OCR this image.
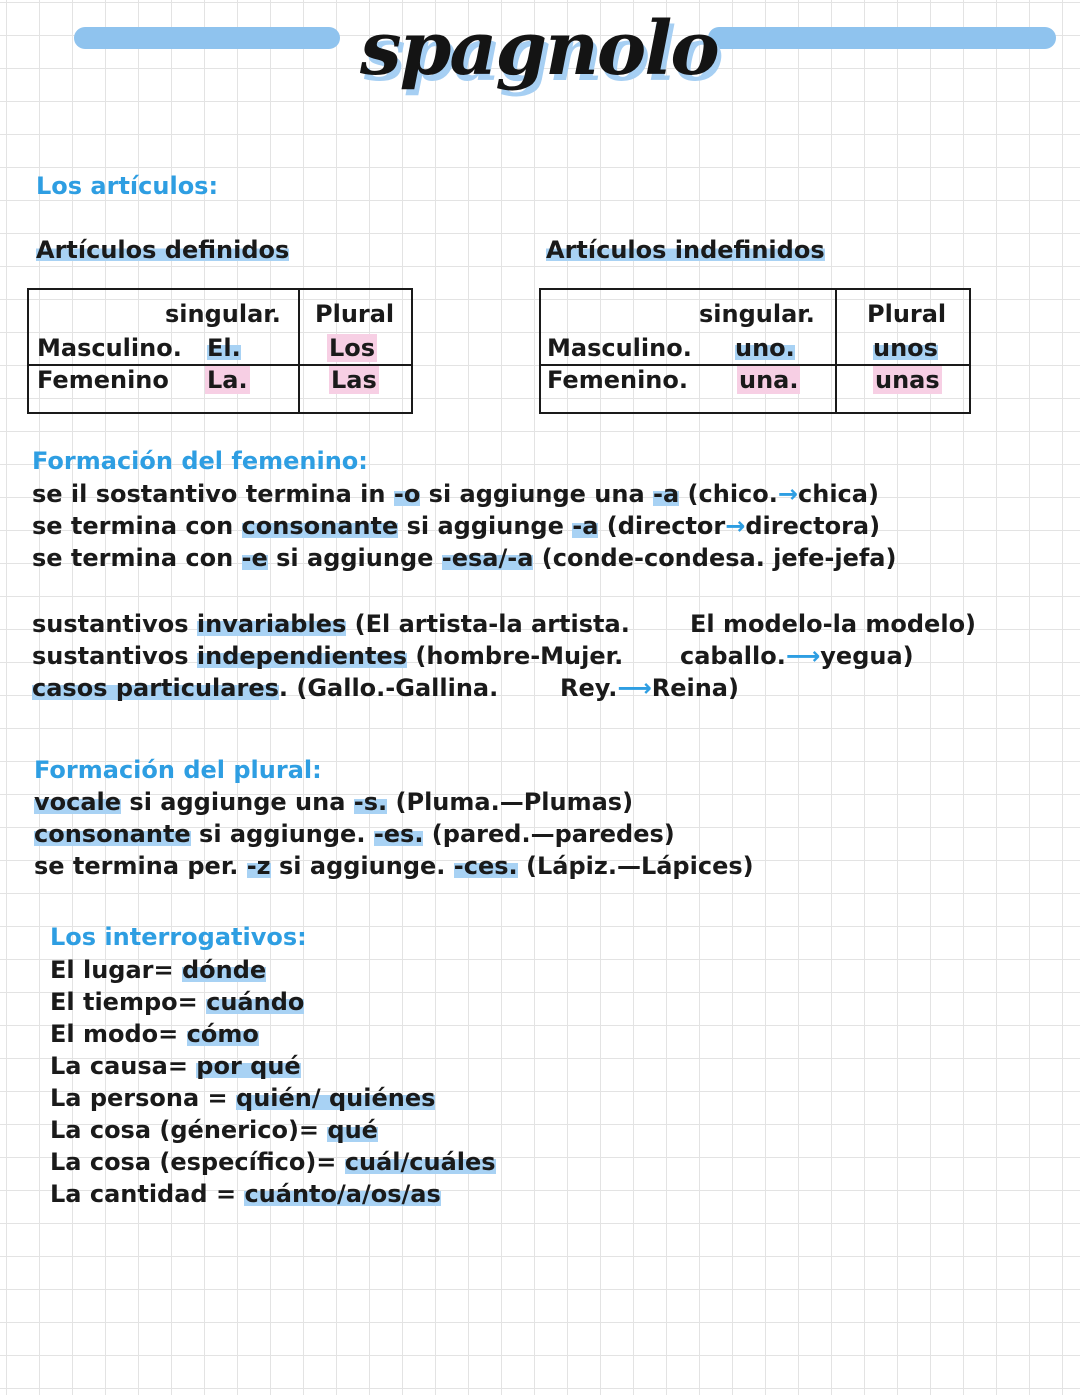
spagnolo
Los artículos:
Artículos definidos	Artículos indefinidos
singular. Plural
Masculino. El.	Los
Femenino La.	Las
singular. Plural
Masculino. uno.	unos
Femenino. una.	unas
Formación del femenino:
se il sostantivo termina in -o si aggiunge una -a (chico.→chica)
se termina con consonante si aggiunge -a (director→directora)
se termina con -e si aggiunge -esa/-a (conde-condesa. jefe-jefa)
sustantivos invariables (El artista-la artista.	El modelo-la modelo)
sustantivos independientes (hombre-Mujer. caballo.⟶yegua)
casos particulares. (Gallo.-Gallina.	Rey.⟶Reina)
Formación del plural:
vocale si aggiunge una -s. (Pluma.—Plumas)
consonante si aggiunge. -es. (pared.—paredes)
se termina per. -z si aggiunge. -ces. (Lápiz.—Lápices)
Los interrogativos:
El lugar= dónde
El tiempo= cuándo
El modo= cómo
La causa= por qué
La persona = quién/ quiénes
La cosa (génerico)= qué
La cosa (específico)= cuál/cuáles
La cantidad = cuánto/a/os/as
